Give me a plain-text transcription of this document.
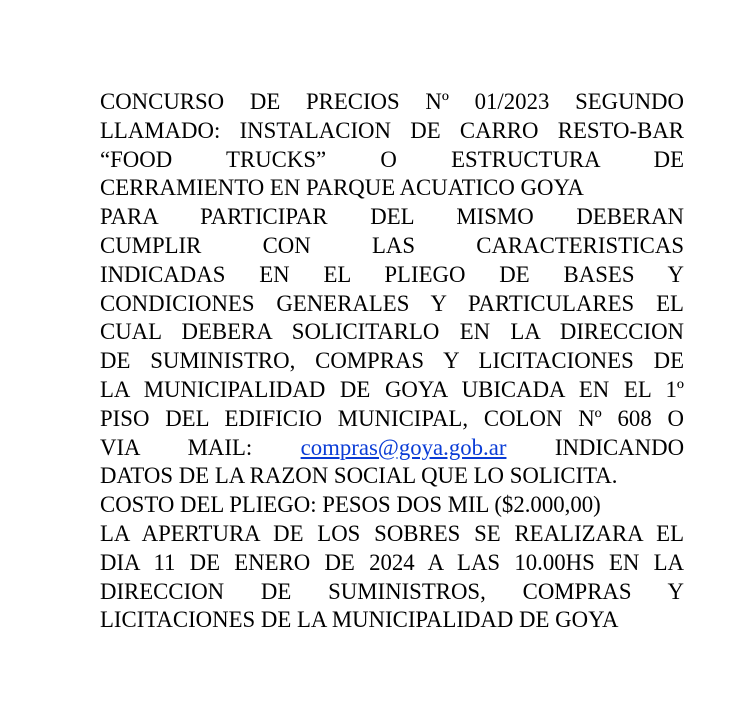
CONCURSO DE PRECIOS Nº 01/2023 SEGUNDO
LLAMADO: INSTALACION DE CARRO RESTO-BAR
“FOOD TRUCKS” O ESTRUCTURA DE
CERRAMIENTO EN PARQUE ACUATICO GOYA
PARA PARTICIPAR DEL MISMO DEBERAN
CUMPLIR CON LAS CARACTERISTICAS
INDICADAS EN EL PLIEGO DE BASES Y
CONDICIONES GENERALES Y PARTICULARES EL
CUAL DEBERA SOLICITARLO EN LA DIRECCION
DE SUMINISTRO, COMPRAS Y LICITACIONES DE
LA MUNICIPALIDAD DE GOYA UBICADA EN EL 1º
PISO DEL EDIFICIO MUNICIPAL, COLON Nº 608 O
VIA MAIL: compras@goya.gob.ar INDICANDO
DATOS DE LA RAZON SOCIAL QUE LO SOLICITA.
COSTO DEL PLIEGO: PESOS DOS MIL ($2.000,00)
LA APERTURA DE LOS SOBRES SE REALIZARA EL
DIA 11 DE ENERO DE 2024 A LAS 10.00HS EN LA
DIRECCION DE SUMINISTROS, COMPRAS Y
LICITACIONES DE LA MUNICIPALIDAD DE GOYA
